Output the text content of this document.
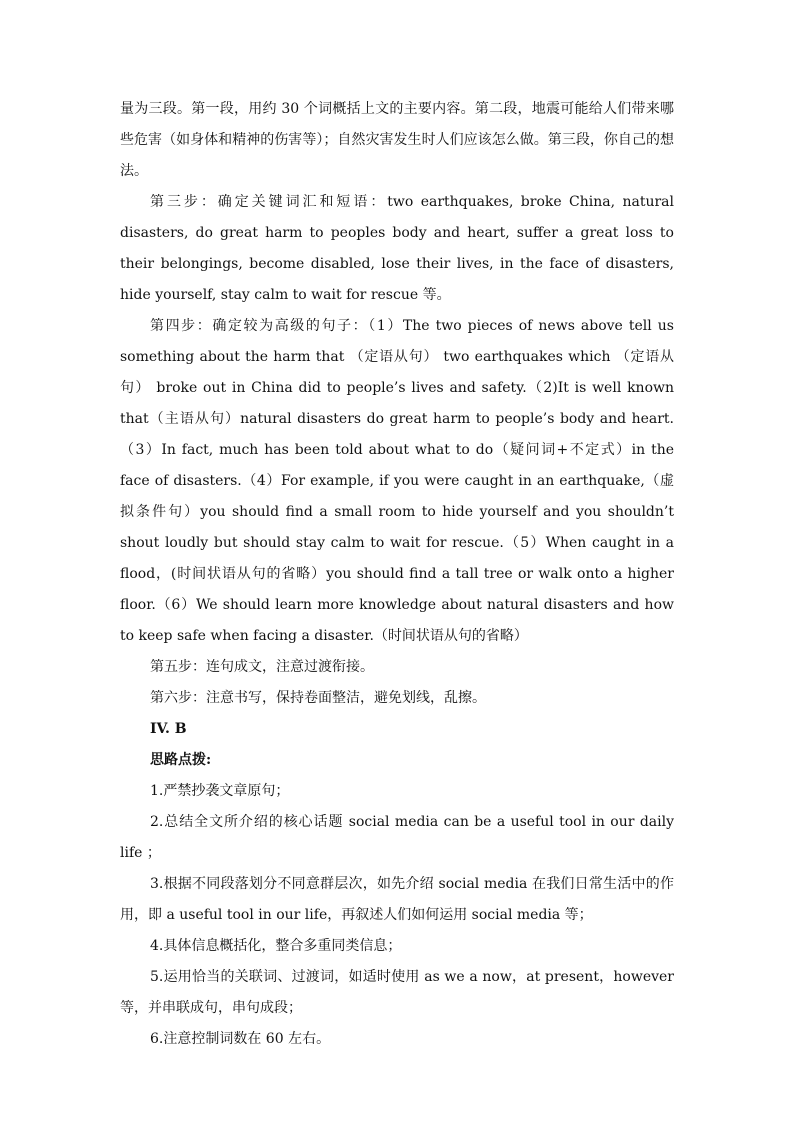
量为三段。第一段，用约 30 个词概括上文的主要内容。第二段，地震可能给人们带来哪些危害（如身体和精神的伤害等）；自然灾害发生时人们应该怎么做。第三段，你自己的想法。

第三步：确定关键词汇和短语：two earthquakes, broke China, natural disasters, do great harm to peoples body and heart, suffer a great loss to their belongings, become disabled, lose their lives, in the face of disasters, hide yourself, stay calm to wait for rescue 等。

第四步：确定较为高级的句子：（1）The two pieces of news above tell us something about the harm that （定语从句） two earthquakes which （定语从句） broke out in China did to people’s lives and safety.（2)It is well known that（主语从句）natural disasters do great harm to people’s body and heart.（3）In fact, much has been told about what to do（疑问词+不定式）in the face of disasters.（4）For example, if you were caught in an earthquake,（虚拟条件句）you should find a small room to hide yourself and you shouldn’t shout loudly but should stay calm to wait for rescue.（5）When caught in a flood，(时间状语从句的省略）you should find a tall tree or walk onto a higher floor.（6）We should learn more knowledge about natural disasters and how to keep safe when facing a disaster.（时间状语从句的省略）

第五步：连句成文，注意过渡衔接。

第六步：注意书写，保持卷面整洁，避免划线，乱擦。

IV. B

思路点拨:

1.严禁抄袭文章原句；

2.总结全文所介绍的核心话题 social media can be a useful tool in our daily life ；

3.根据不同段落划分不同意群层次，如先介绍 social media 在我们日常生活中的作用，即 a useful tool in our life，再叙述人们如何运用 social media 等；

4.具体信息概括化，整合多重同类信息；

5.运用恰当的关联词、过渡词，如适时使用 as we a now，at present，however 等，并串联成句，串句成段；

6.注意控制词数在 60 左右。
